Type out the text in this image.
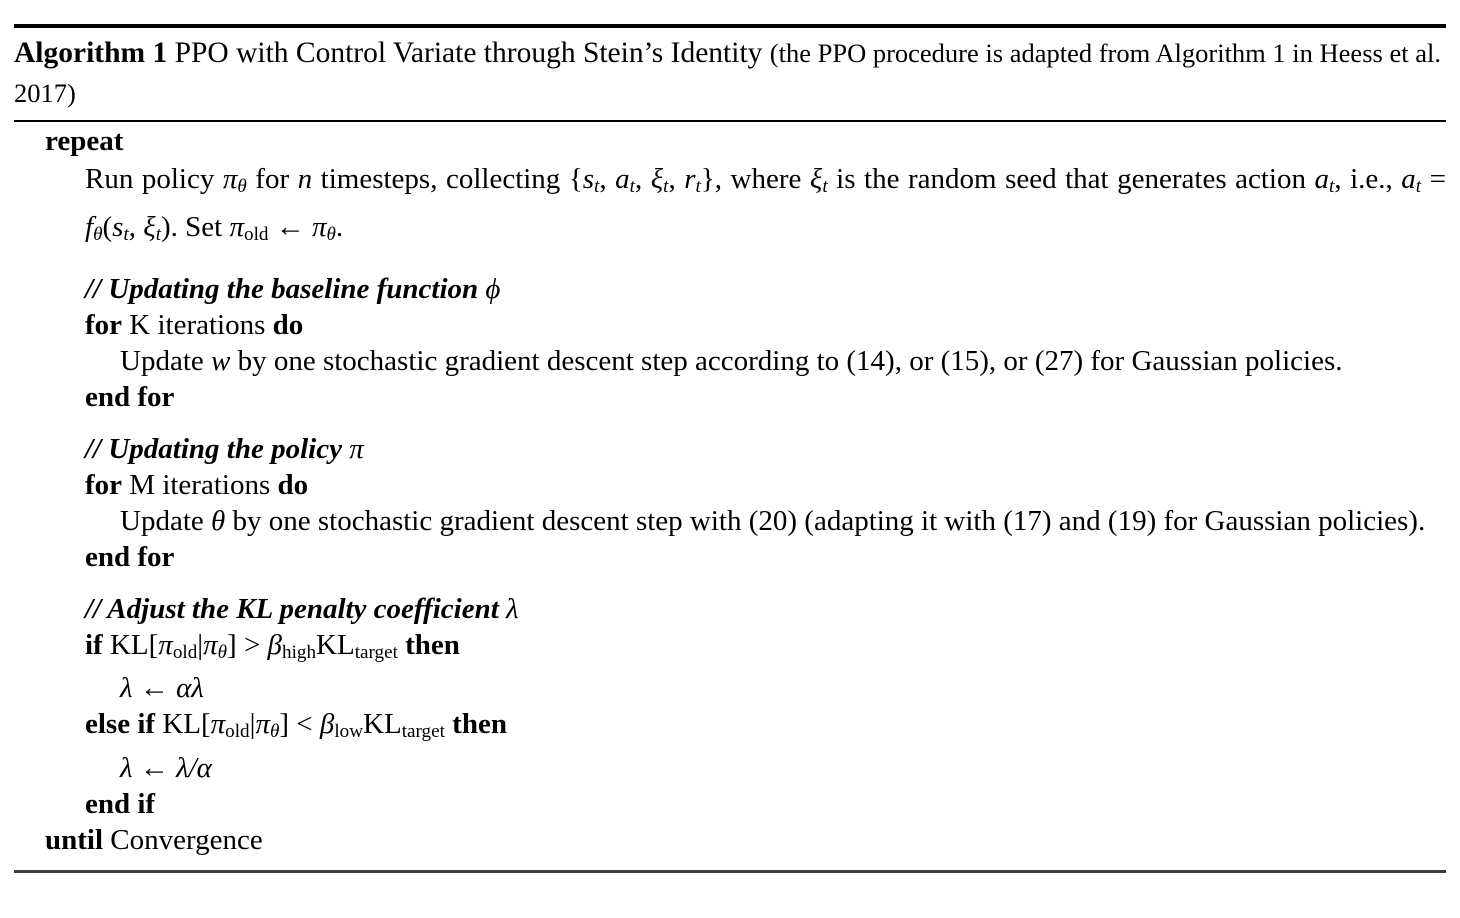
Algorithm 1 PPO with Control Variate through Stein’s Identity (the PPO procedure is adapted from Algorithm 1 in Heess et al. 2017)
repeat
Run policy πθ for n timesteps, collecting {st, at, ξt, rt}, where ξt is the random seed that generates action at, i.e., at = fθ(st, ξt). Set πold ← πθ.
// Updating the baseline function ϕ
for K iterations do
Update w by one stochastic gradient descent step according to (14), or (15), or (27) for Gaussian policies.
end for
// Updating the policy π
for M iterations do
Update θ by one stochastic gradient descent step with (20) (adapting it with (17) and (19) for Gaussian policies).
end for
// Adjust the KL penalty coefficient λ
if KL[πold|πθ] > βhighKLtarget then
λ ← αλ
else if KL[πold|πθ] < βlowKLtarget then
λ ← λ/α
end if
until Convergence
